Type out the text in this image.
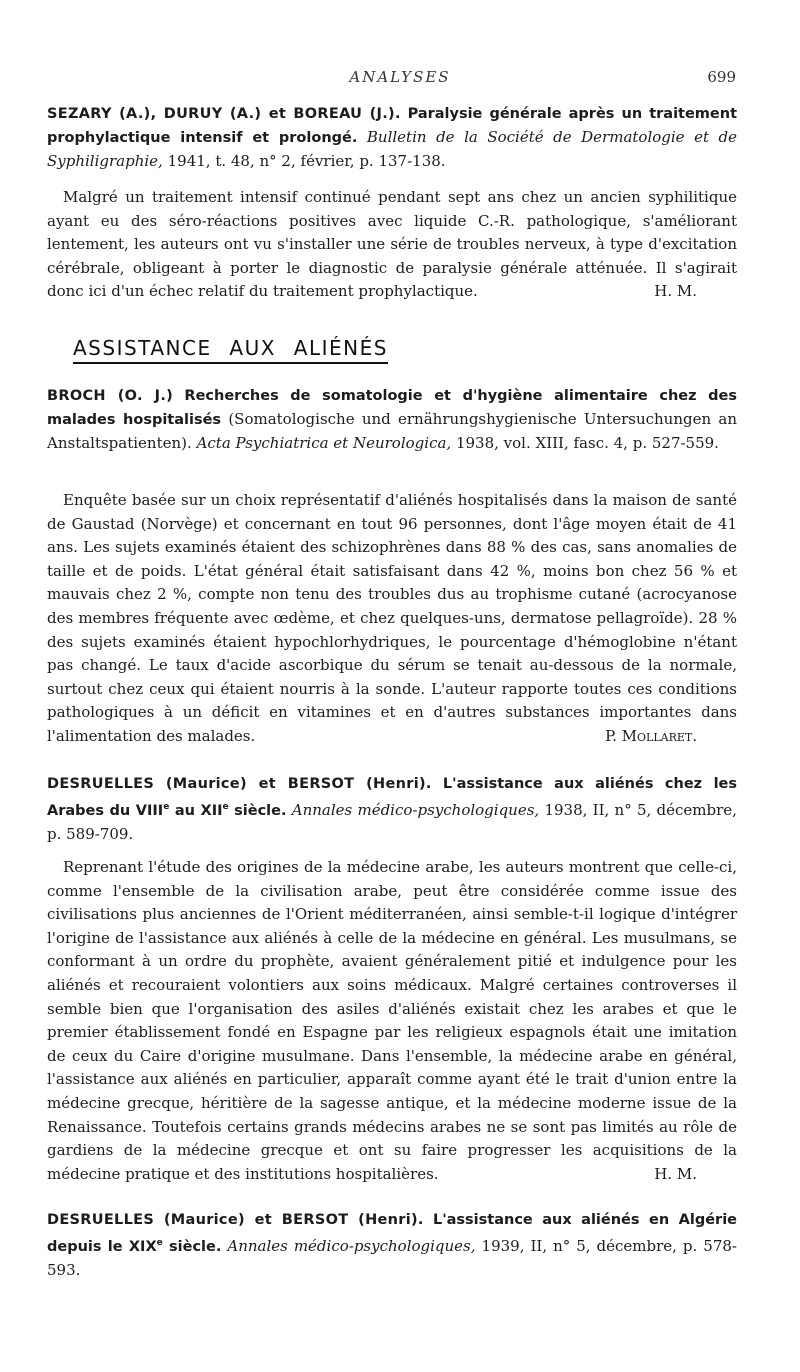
ANALYSES	699
SEZARY (A.), DURUY (A.) et BOREAU (J.). Paralysie générale après un traitement prophylactique intensif et prolongé. Bulletin de la Société de Dermatologie et de Syphiligraphie, 1941, t. 48, n° 2, février, p. 137-138.
Malgré un traitement intensif continué pendant sept ans chez un ancien syphilitique ayant eu des séro-réactions positives avec liquide C.-R. pathologique, s'améliorant lentement, les auteurs ont vu s'installer une série de troubles nerveux, à type d'excitation cérébrale, obligeant à porter le diagnostic de paralysie générale atténuée. Il s'agirait donc ici d'un échec relatif du traitement prophylactique.	H. M.
ASSISTANCE AUX ALIÉNÉS
BROCH (O. J.) Recherches de somatologie et d'hygiène alimentaire chez des malades hospitalisés (Somatologische und ernährungshygienische Untersuchungen an Anstaltspatienten). Acta Psychiatrica et Neurologica, 1938, vol. XIII, fasc. 4, p. 527-559.
Enquête basée sur un choix représentatif d'aliénés hospitalisés dans la maison de santé de Gaustad (Norvège) et concernant en tout 96 personnes, dont l'âge moyen était de 41 ans. Les sujets examinés étaient des schizophrènes dans 88 % des cas, sans anomalies de taille et de poids. L'état général était satisfaisant dans 42 %, moins bon chez 56 % et mauvais chez 2 %, compte non tenu des troubles dus au trophisme cutané (acrocyanose des membres fréquente avec œdème, et chez quelques-uns, dermatose pellagroïde). 28 % des sujets examinés étaient hypochlorhydriques, le pourcentage d'hémoglobine n'étant pas changé. Le taux d'acide ascorbique du sérum se tenait au-dessous de la normale, surtout chez ceux qui étaient nourris à la sonde. L'auteur rapporte toutes ces conditions pathologiques à un déficit en vitamines et en d'autres substances importantes dans l'alimentation des malades.	P. Mollaret.
DESRUELLES (Maurice) et BERSOT (Henri). L'assistance aux aliénés chez les Arabes du VIIIe au XIIe siècle. Annales médico-psychologiques, 1938, II, n° 5, décembre, p. 589-709.
Reprenant l'étude des origines de la médecine arabe, les auteurs montrent que celle-ci, comme l'ensemble de la civilisation arabe, peut être considérée comme issue des civilisations plus anciennes de l'Orient méditerranéen, ainsi semble-t-il logique d'intégrer l'origine de l'assistance aux aliénés à celle de la médecine en général. Les musulmans, se conformant à un ordre du prophète, avaient généralement pitié et indulgence pour les aliénés et recouraient volontiers aux soins médicaux. Malgré certaines controverses il semble bien que l'organisation des asiles d'aliénés existait chez les arabes et que le premier établissement fondé en Espagne par les religieux espagnols était une imitation de ceux du Caire d'origine musulmane. Dans l'ensemble, la médecine arabe en général, l'assistance aux aliénés en particulier, apparaît comme ayant été le trait d'union entre la médecine grecque, héritière de la sagesse antique, et la médecine moderne issue de la Renaissance. Toutefois certains grands médecins arabes ne se sont pas limités au rôle de gardiens de la médecine grecque et ont su faire progresser les acquisitions de la médecine pratique et des institutions hospitalières.	H. M.
DESRUELLES (Maurice) et BERSOT (Henri). L'assistance aux aliénés en Algérie depuis le XIXe siècle. Annales médico-psychologiques, 1939, II, n° 5, décembre, p. 578-593.
